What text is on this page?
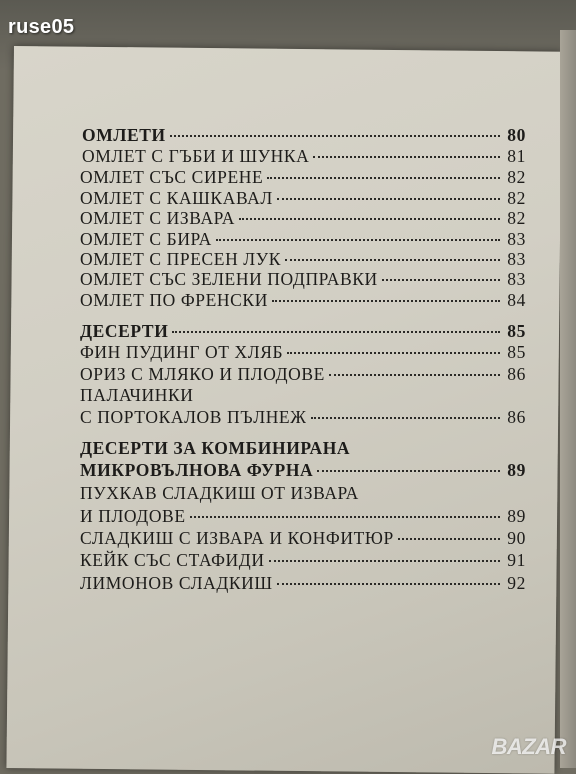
ruse05
BAZAR
ОМЛЕТИ	80
ОМЛЕТ С ГЪБИ И ШУНКА	81
ОМЛЕТ СЪС СИРЕНЕ	82
ОМЛЕТ С КАШКАВАЛ	82
ОМЛЕТ С ИЗВАРА	82
ОМЛЕТ С БИРА	83
ОМЛЕТ С ПРЕСЕН ЛУК	83
ОМЛЕТ СЪС ЗЕЛЕНИ ПОДПРАВКИ	83
ОМЛЕТ ПО ФРЕНСКИ	84
ДЕСЕРТИ	85
ФИН ПУДИНГ ОТ ХЛЯБ	85
ОРИЗ С МЛЯКО И ПЛОДОВЕ	86
ПАЛАЧИНКИ
С ПОРТОКАЛОВ ПЪЛНЕЖ	86
ДЕСЕРТИ ЗА КОМБИНИРАНА
МИКРОВЪЛНОВА ФУРНА	89
ПУХКАВ СЛАДКИШ ОТ ИЗВАРА
И ПЛОДОВЕ	89
СЛАДКИШ С ИЗВАРА И КОНФИТЮР	90
КЕЙК СЪС СТАФИДИ	91
ЛИМОНОВ СЛАДКИШ	92
